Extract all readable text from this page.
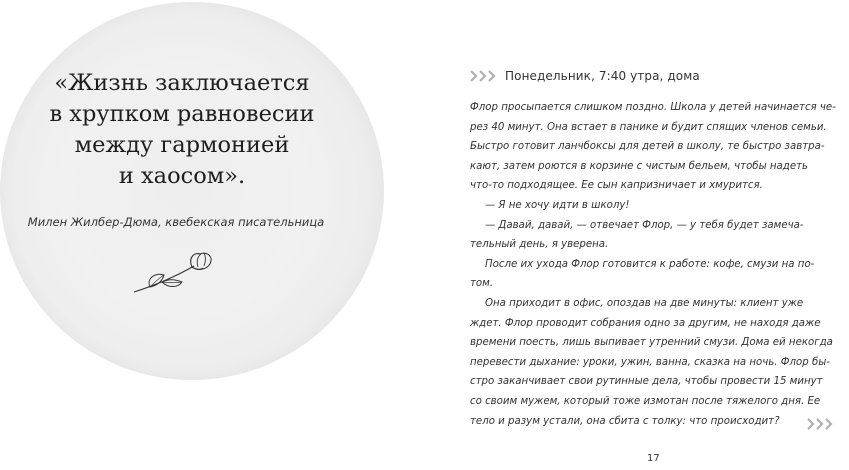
«Жизнь заключается
в хрупком равновесии
между гармонией
и хаосом».
Милен Жилбер-Дюма, квебекская писательница
Понедельник, 7:40 утра, дома
Флор просыпается слишком поздно. Школа у детей начинается че-
рез 40 минут. Она встает в панике и будит спящих членов семьи.
Быстро готовит ланчбоксы для детей в школу, те быстро завтра-
кают, затем роются в корзине с чистым бельем, чтобы надеть
что-то подходящее. Ее сын капризничает и хмурится.
— Я не хочу идти в школу!
— Давай, давай, — отвечает Флор, — у тебя будет замеча-
тельный день, я уверена.
После их ухода Флор готовится к работе: кофе, смузи на по-
том.
Она приходит в офис, опоздав на две минуты: клиент уже
ждет. Флор проводит собрания одно за другим, не находя даже
времени поесть, лишь выпивает утренний смузи. Дома ей некогда
перевести дыхание: уроки, ужин, ванна, сказка на ночь. Флор бы-
стро заканчивает свои рутинные дела, чтобы провести 15 минут
со своим мужем, который тоже измотан после тяжелого дня. Ее
тело и разум устали, она сбита с толку: что происходит?
17
